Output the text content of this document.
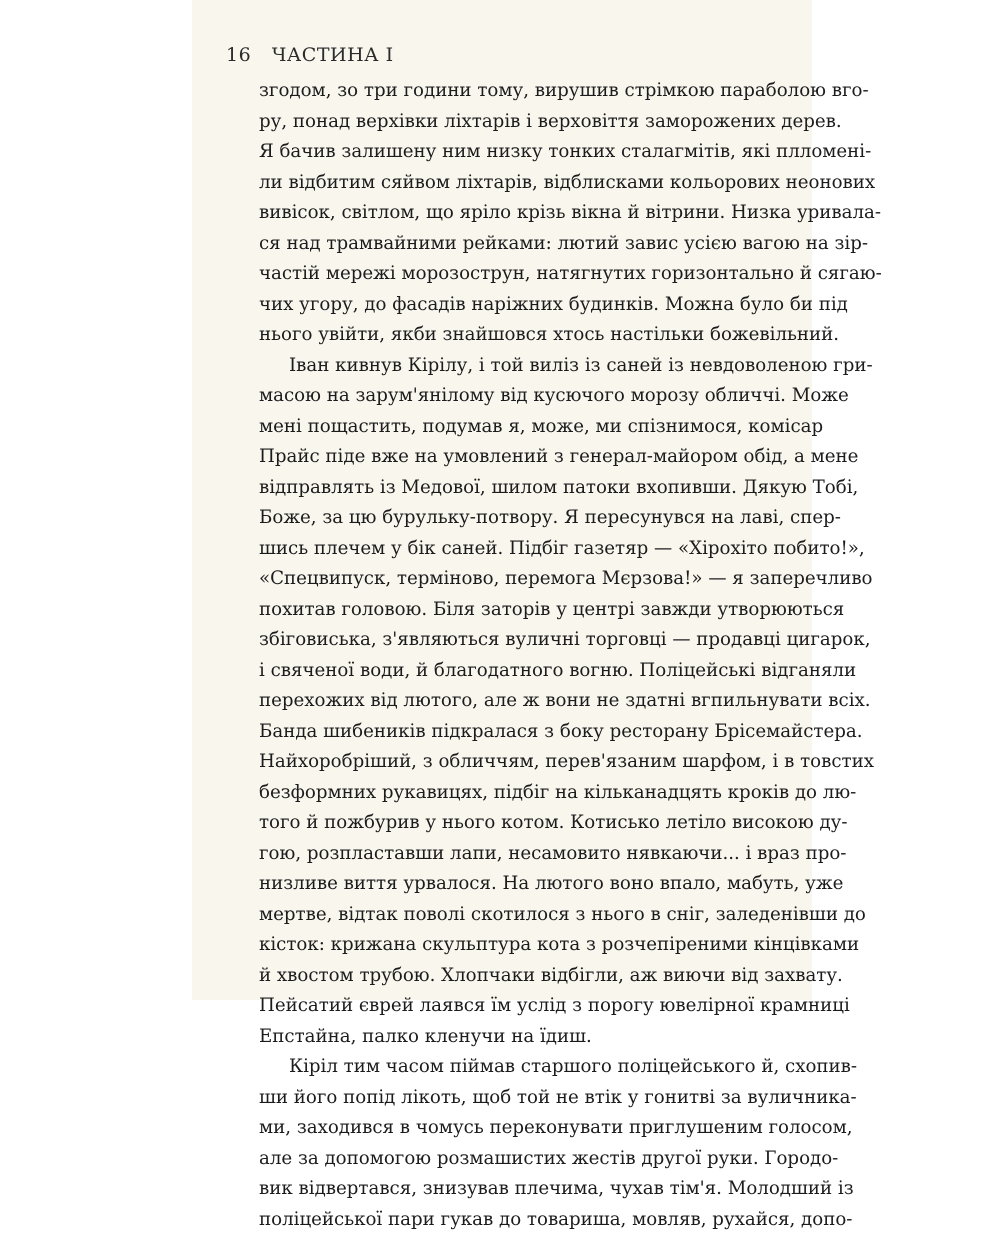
16 ЧАСТИНА І
згодом, зо три години тому, вирушив стрімкою параболою вго-
ру, понад верхівки ліхтарів і верховіття заморожених дерев.
Я бачив залишену ним низку тонких сталагмітів, які плломені-
ли відбитим сяйвом ліхтарів, відблисками кольорових неонових
вивісок, світлом, що яріло крізь вікна й вітрини. Низка уривала-
ся над трамвайними рейками: лютий завис усією вагою на зір-
частій мережі морозострун, натягнутих горизонтально й сягаю-
чих угору, до фасадів наріжних будинків. Можна було би під
нього увійти, якби знайшовся хтось настільки божевільний.
Іван кивнув Кірілу, і той виліз із саней із невдоволеною гри-
масою на зарум'янілому від кусючого морозу обличчі. Може
мені пощастить, подумав я, може, ми спізнимося, комісар
Прайс піде вже на умовлений з генерал-майором обід, а мене
відправлять із Медової, шилом патоки вхопивши. Дякую Тобі,
Боже, за цю бурульку-потвору. Я пересунувся на лаві, спер-
шись плечем у бік саней. Підбіг газетяр — «Хірохіто побито!»,
«Спецвипуск, терміново, перемога Мєрзова!» — я заперечливо
похитав головою. Біля заторів у центрі завжди утворюються
збіговиська, з'являються вуличні торговці — продавці цигарок,
і свяченої води, й благодатного вогню. Поліцейські відганяли
перехожих від лютого, але ж вони не здатні вгпильнувати всіх.
Банда шибеників підкралася з боку ресторану Брісемайстера.
Найхоробріший, з обличчям, перев'язаним шарфом, і в товстих
безформних рукавицях, підбіг на кільканадцять кроків до лю-
того й пожбурив у нього котом. Котисько летіло високою ду-
гою, розпластавши лапи, несамовито нявкаючи... і враз про-
низливе виття урвалося. На лютого воно впало, мабуть, уже
мертве, відтак поволі скотилося з нього в сніг, заледенівши до
кісток: крижана скульптура кота з розчепіреними кінцівками
й хвостом трубою. Хлопчаки відбігли, аж виючи від захвату.
Пейсатий єврей лаявся їм услід з порогу ювелірної крамниці
Епстайна, палко кленучи на їдиш.
Кіріл тим часом піймав старшого поліцейського й, схопив-
ши його попід лікоть, щоб той не втік у гонитві за вуличника-
ми, заходився в чомусь переконувати приглушеним голосом,
але за допомогою розмашистих жестів другої руки. Городо-
вик відвертався, знизував плечима, чухав тім'я. Молодший із
поліцейської пари гукав до товариша, мовляв, рухайся, допо-
